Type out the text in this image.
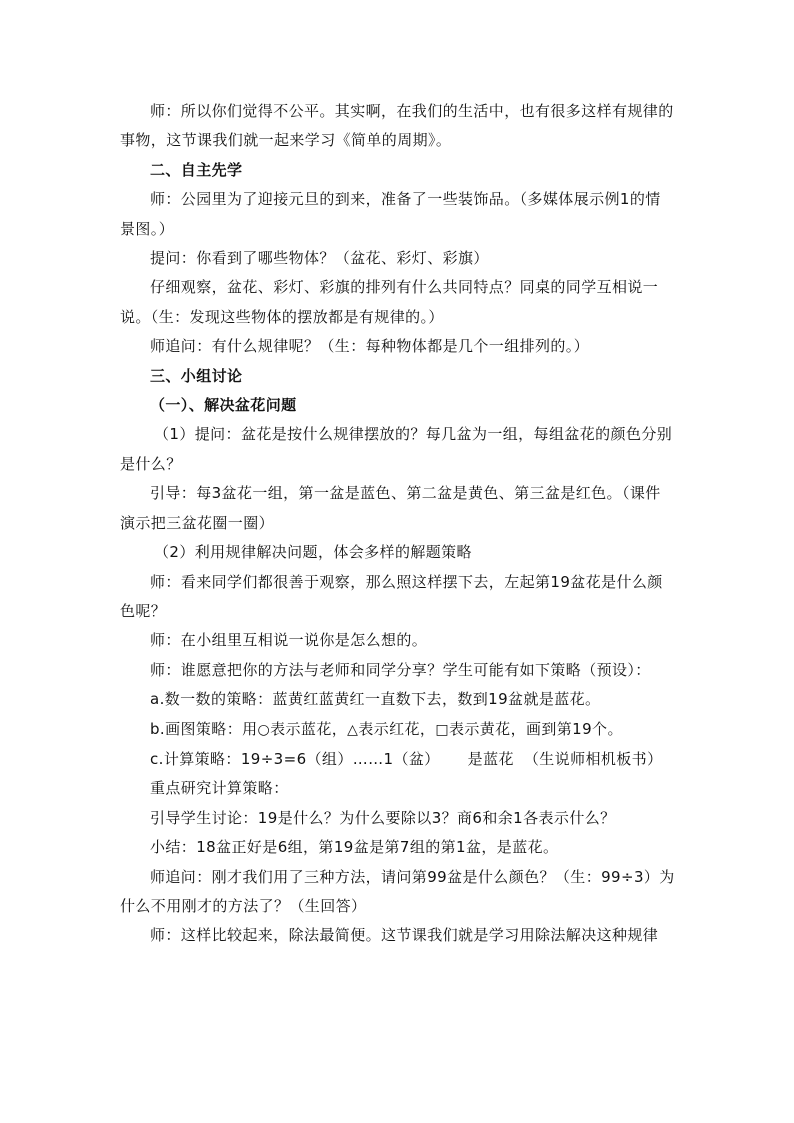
师：所以你们觉得不公平。其实啊，在我们的生活中，也有很多这样有规律的事物，这节课我们就一起来学习《简单的周期》。

二、自主先学

师：公园里为了迎接元旦的到来，准备了一些装饰品。（多媒体展示例1的情景图。）

提问：你看到了哪些物体？（盆花、彩灯、彩旗）

仔细观察，盆花、彩灯、彩旗的排列有什么共同特点？同桌的同学互相说一说。（生：发现这些物体的摆放都是有规律的。）

师追问：有什么规律呢？（生：每种物体都是几个一组排列的。）

三、小组讨论

（一）、解决盆花问题

（1）提问：盆花是按什么规律摆放的？每几盆为一组，每组盆花的颜色分别是什么？

引导：每3盆花一组，第一盆是蓝色、第二盆是黄色、第三盆是红色。（课件演示把三盆花圈一圈）

（2）利用规律解决问题，体会多样的解题策略

师：看来同学们都很善于观察，那么照这样摆下去，左起第19盆花是什么颜色呢？

师：在小组里互相说一说你是怎么想的。

师：谁愿意把你的方法与老师和同学分享？学生可能有如下策略（预设）：

a.数一数的策略：蓝黄红蓝黄红一直数下去，数到19盆就是蓝花。

b.画图策略：用○表示蓝花，△表示红花，□表示黄花，画到第19个。

c.计算策略：19÷3=6（组）……1（盆） 是蓝花 （生说师相机板书）

重点研究计算策略：

引导学生讨论：19是什么？为什么要除以3？商6和余1各表示什么？

小结：18盆正好是6组，第19盆是第7组的第1盆，是蓝花。

师追问：刚才我们用了三种方法，请问第99盆是什么颜色？（生：99÷3）为什么不用刚才的方法了？（生回答）

师：这样比较起来，除法最简便。这节课我们就是学习用除法解决这种规律
